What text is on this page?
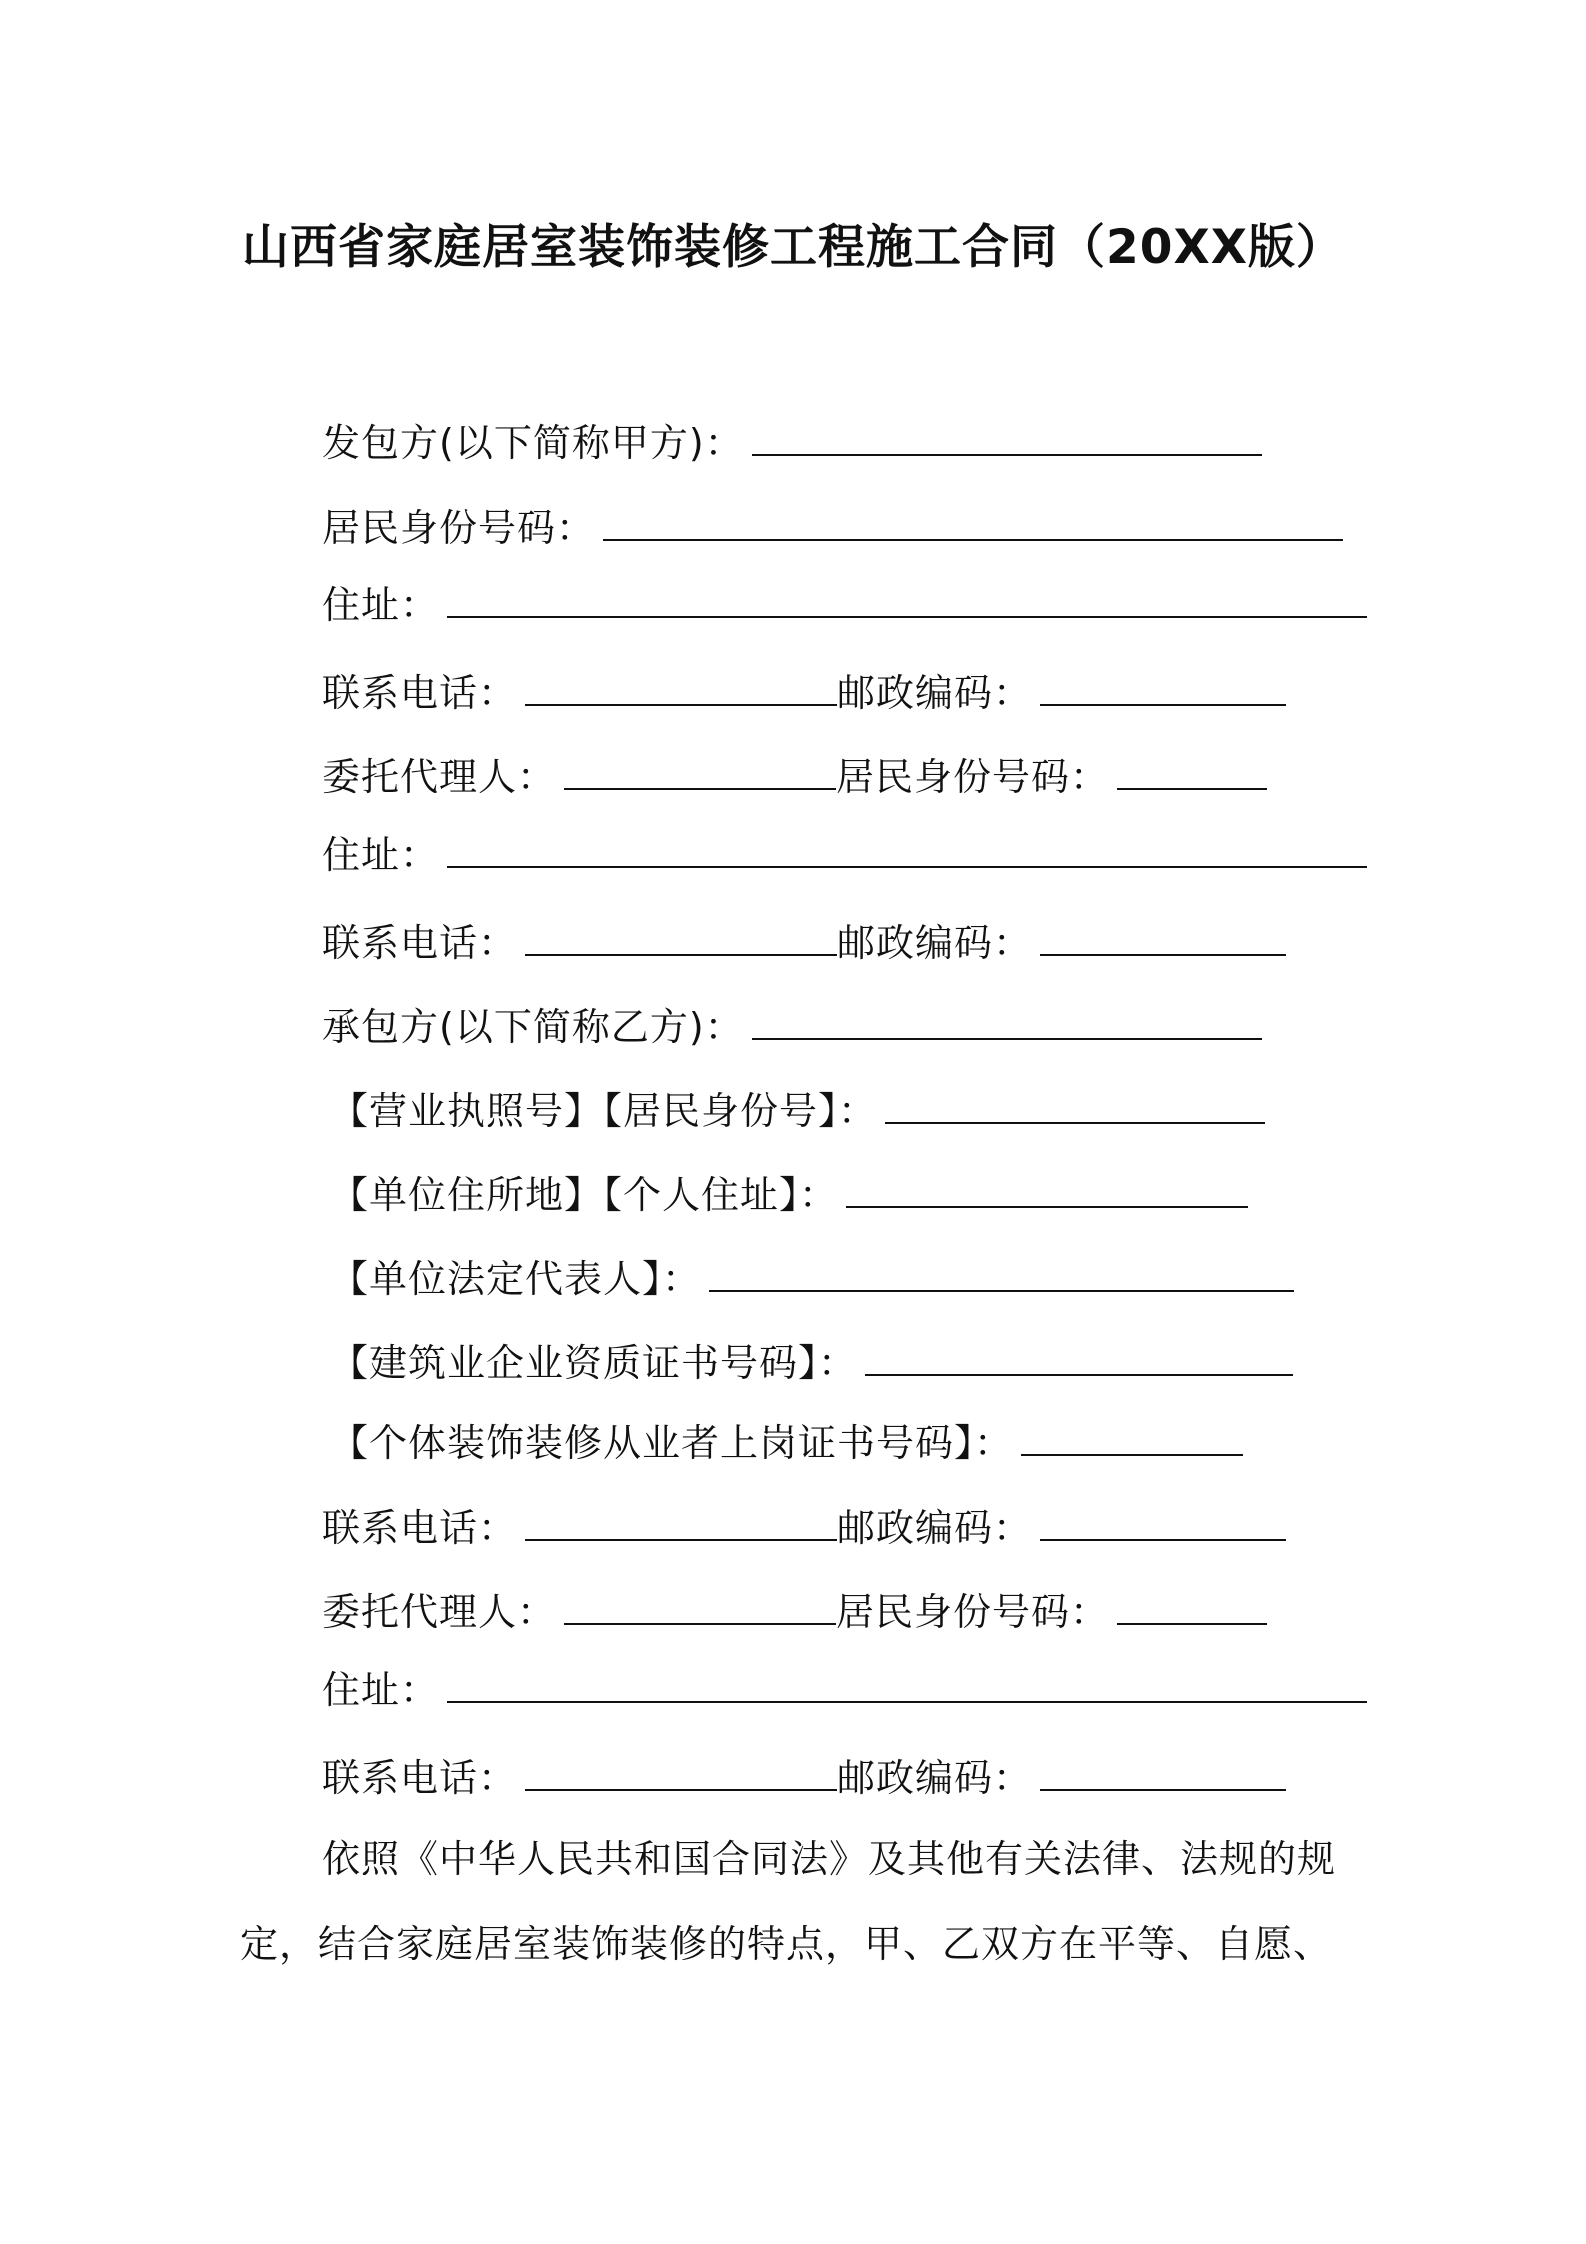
山西省家庭居室装饰装修工程施工合同（20XX版）
发包方(以下简称甲方)：
居民身份号码：
住址：
联系电话：	邮政编码：
委托代理人：	居民身份号码：
住址：
联系电话：	邮政编码：
承包方(以下简称乙方)：
【营业执照号】【居民身份号】：
【单位住所地】【个人住址】：
【单位法定代表人】：
【建筑业企业资质证书号码】：
【个体装饰装修从业者上岗证书号码】：
联系电话：	邮政编码：
委托代理人：	居民身份号码：
住址：
联系电话：	邮政编码：
依照《中华人民共和国合同法》及其他有关法律、法规的规
定，结合家庭居室装饰装修的特点，甲、乙双方在平等、自愿、
